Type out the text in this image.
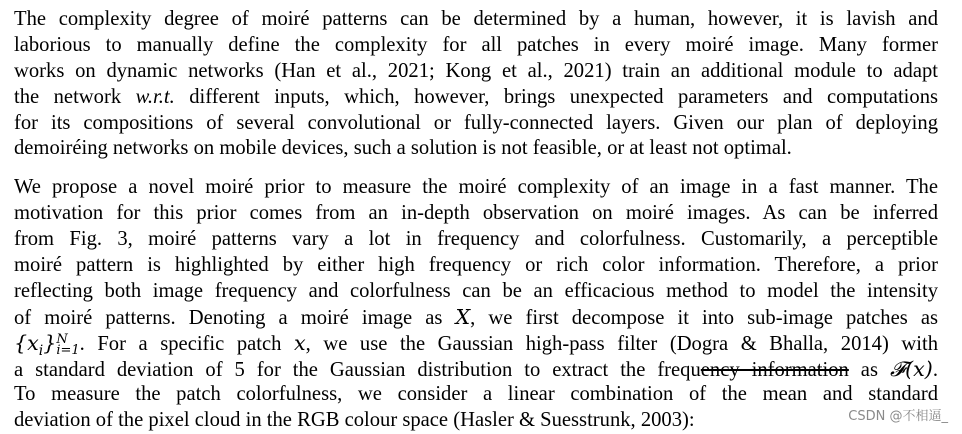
The complexity degree of moiré patterns can be determined by a human, however, it is lavish and
laborious to manually define the complexity for all patches in every moiré image. Many former
works on dynamic networks (Han et al., 2021; Kong et al., 2021) train an additional module to adapt
the network w.r.t. different inputs, which, however, brings unexpected parameters and computations
for its compositions of several convolutional or fully-connected layers. Given our plan of deploying
demoiréing networks on mobile devices, such a solution is not feasible, or at least not optimal.

We propose a novel moiré prior to measure the moiré complexity of an image in a fast manner. The
motivation for this prior comes from an in-depth observation on moiré images. As can be inferred
from Fig. 3, moiré patterns vary a lot in frequency and colorfulness. Customarily, a perceptible
moiré pattern is highlighted by either high frequency or rich color information. Therefore, a prior
reflecting both image frequency and colorfulness can be an efficacious method to model the intensity
of moiré patterns. Denoting a moiré image as X, we first decompose it into sub-image patches as
$\{x_i\}$ N
i=1 . For a specific patch x, we use the Gaussian high-pass filter (Dogra & Bhalla, 2014) with
a standard deviation of 5 for the Gaussian distribution to extract the frequency information as 𝓕(x).
To measure the patch colorfulness, we consider a linear combination of the mean and standard
deviation of the pixel cloud in the RGB colour space (Hasler & Suesstrunk, 2003):	CSDN @不相逼_
